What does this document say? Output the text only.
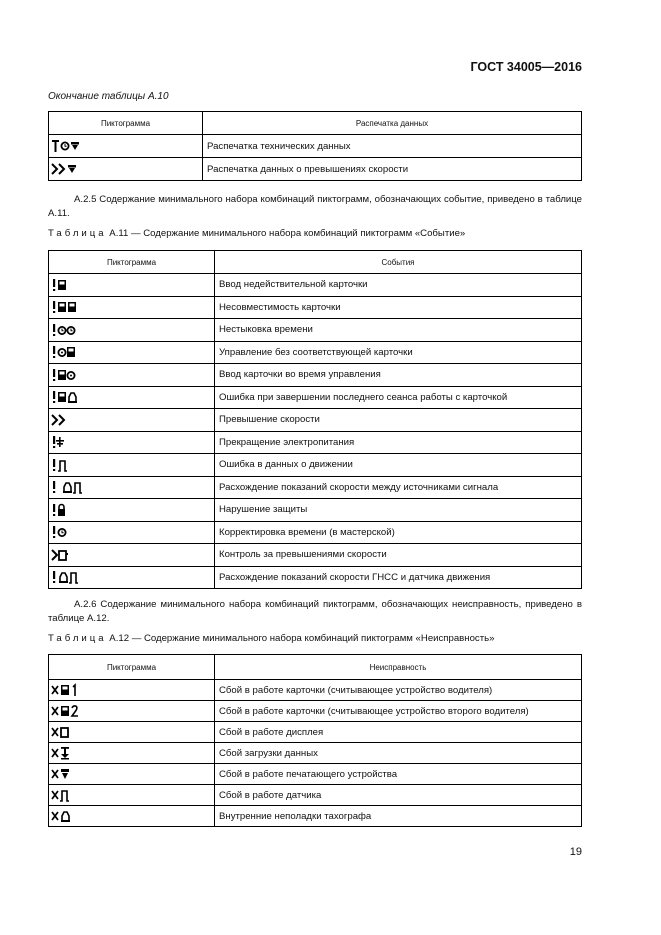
ГОСТ 34005—2016
Окончание таблицы А.10
Пиктограмма	Распечатка данных
	Распечатка технических данных
	Распечатка данных о превышениях скорости
А.2.5 Содержание минимального набора комбинаций пиктограмм, обозначающих событие, приведено в таблице А.11.
Таблица А.11 — Содержание минимального набора комбинаций пиктограмм «Событие»
Пиктограмма	События
	Ввод недействительной карточки
	Несовместимость карточки
	Нестыковка времени
	Управление без соответствующей карточки
	Ввод карточки во время управления
	Ошибка при завершении последнего сеанса работы с карточкой
	Превышение скорости
	Прекращение электропитания
	Ошибка в данных о движении
	Расхождение показаний скорости между источниками сигнала
	Нарушение защиты
	Корректировка времени (в мастерской)
	Контроль за превышениями скорости
	Расхождение показаний скорости ГНСС и датчика движения
А.2.6 Содержание минимального набора комбинаций пиктограмм, обозначающих неисправность, приведено в таблице А.12.
Таблица А.12 — Содержание минимального набора комбинаций пиктограмм «Неисправность»
Пиктограмма	Неисправность
	Сбой в работе карточки (считывающее устройство водителя)
	Сбой в работе карточки (считывающее устройство второго водителя)
	Сбой в работе дисплея
	Сбой загрузки данных
	Сбой в работе печатающего устройства
	Сбой в работе датчика
	Внутренние неполадки тахографа
19
